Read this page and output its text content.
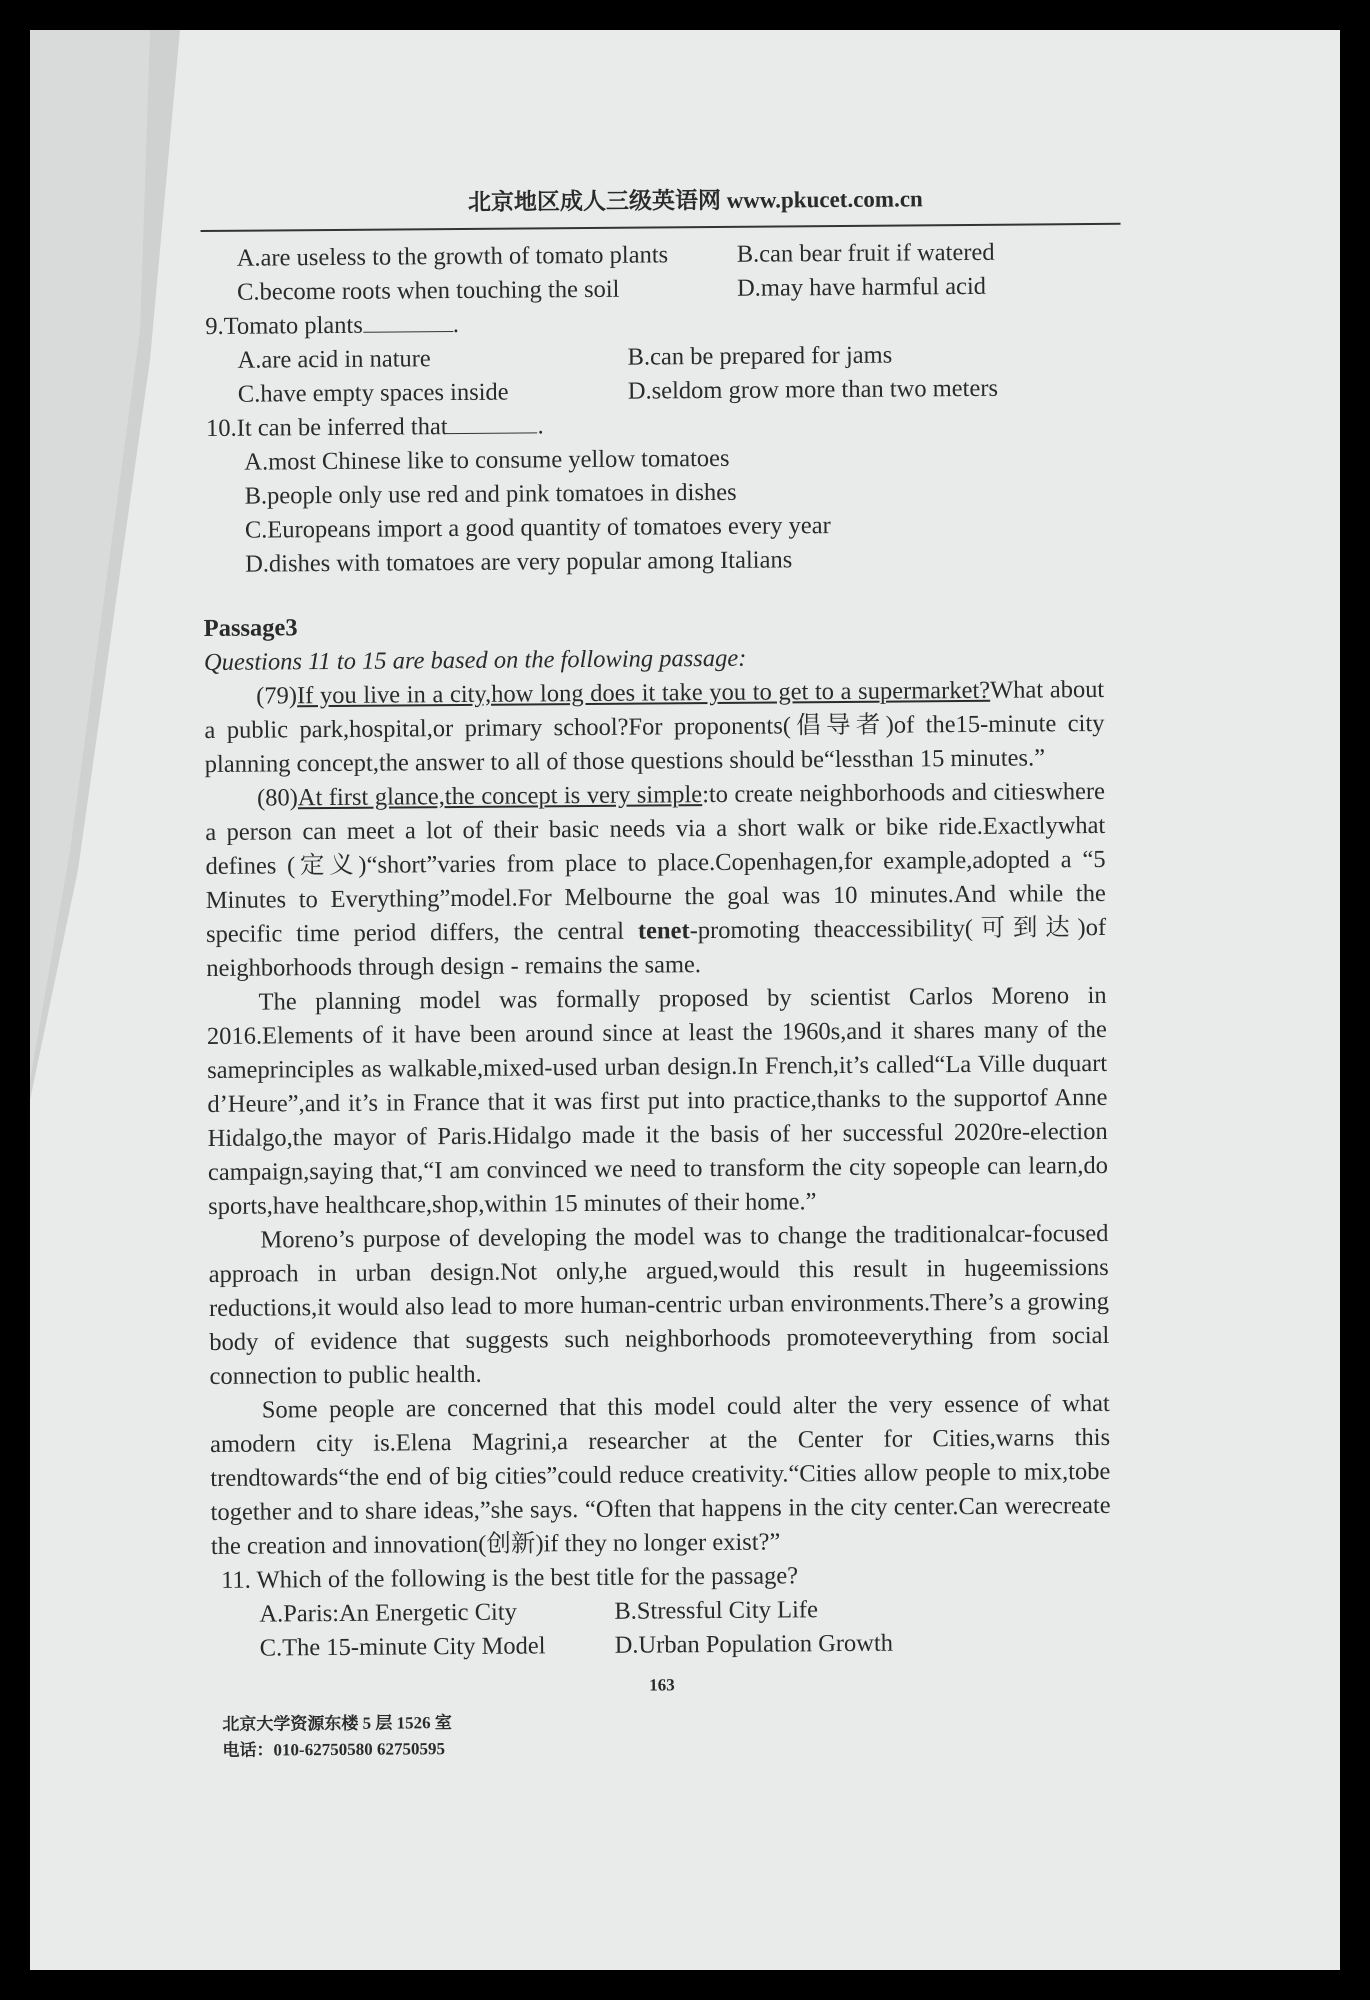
北京地区成人三级英语网 www.pkucet.com.cn
A.are useless to the growth of tomato plants	B.can bear fruit if watered
C.become roots when touching the soil	D.may have harmful acid
9.Tomato plants	.
A.are acid in nature	B.can be prepared for jams
C.have empty spaces inside	D.seldom grow more than two meters
10.It can be inferred that	.
A.most Chinese like to consume yellow tomatoes
B.people only use red and pink tomatoes in dishes
C.Europeans import a good quantity of tomatoes every year
D.dishes with tomatoes are very popular among Italians
Passage3
Questions 11 to 15 are based on the following passage:
(79)If you live in a city,how long does it take you to get to a supermarket?What about a public park,hospital,or primary school?For proponents(倡导者)of the15-minute city planning concept,the answer to all of those questions should be“lessthan 15 minutes.”
(80)At first glance,the concept is very simple:to create neighborhoods and citieswhere a person can meet a lot of their basic needs via a short walk or bike ride.Exactlywhat defines (定义)“short”varies from place to place.Copenhagen,for example,adopted a “5 Minutes to Everything”model.For Melbourne the goal was 10 minutes.And while the specific time period differs, the central tenet-promoting theaccessibility(可到达)of neighborhoods through design - remains the same.
The planning model was formally proposed by scientist Carlos Moreno in 2016.Elements of it have been around since at least the 1960s,and it shares many of the sameprinciples as walkable,mixed-used urban design.In French,it’s called“La Ville duquart d’Heure”,and it’s in France that it was first put into practice,thanks to the supportof Anne Hidalgo,the mayor of Paris.Hidalgo made it the basis of her successful 2020re-election campaign,saying that,“I am convinced we need to transform the city sopeople can learn,do sports,have healthcare,shop,within 15 minutes of their home.”
Moreno’s purpose of developing the model was to change the traditionalcar-focused approach in urban design.Not only,he argued,would this result in hugeemissions reductions,it would also lead to more human-centric urban environments.There’s a growing body of evidence that suggests such neighborhoods promoteeverything from social connection to public health.
Some people are concerned that this model could alter the very essence of what amodern city is.Elena Magrini,a researcher at the Center for Cities,warns this trendtowards“the end of big cities”could reduce creativity.“Cities allow people to mix,tobe together and to share ideas,”she says. “Often that happens in the city center.Can werecreate the creation and innovation(创新)if they no longer exist?”
11. Which of the following is the best title for the passage?
A.Paris:An Energetic City	B.Stressful City Life
C.The 15-minute City Model	D.Urban Population Growth
163
北京大学资源东楼 5 层 1526 室
电话：010-62750580 62750595
